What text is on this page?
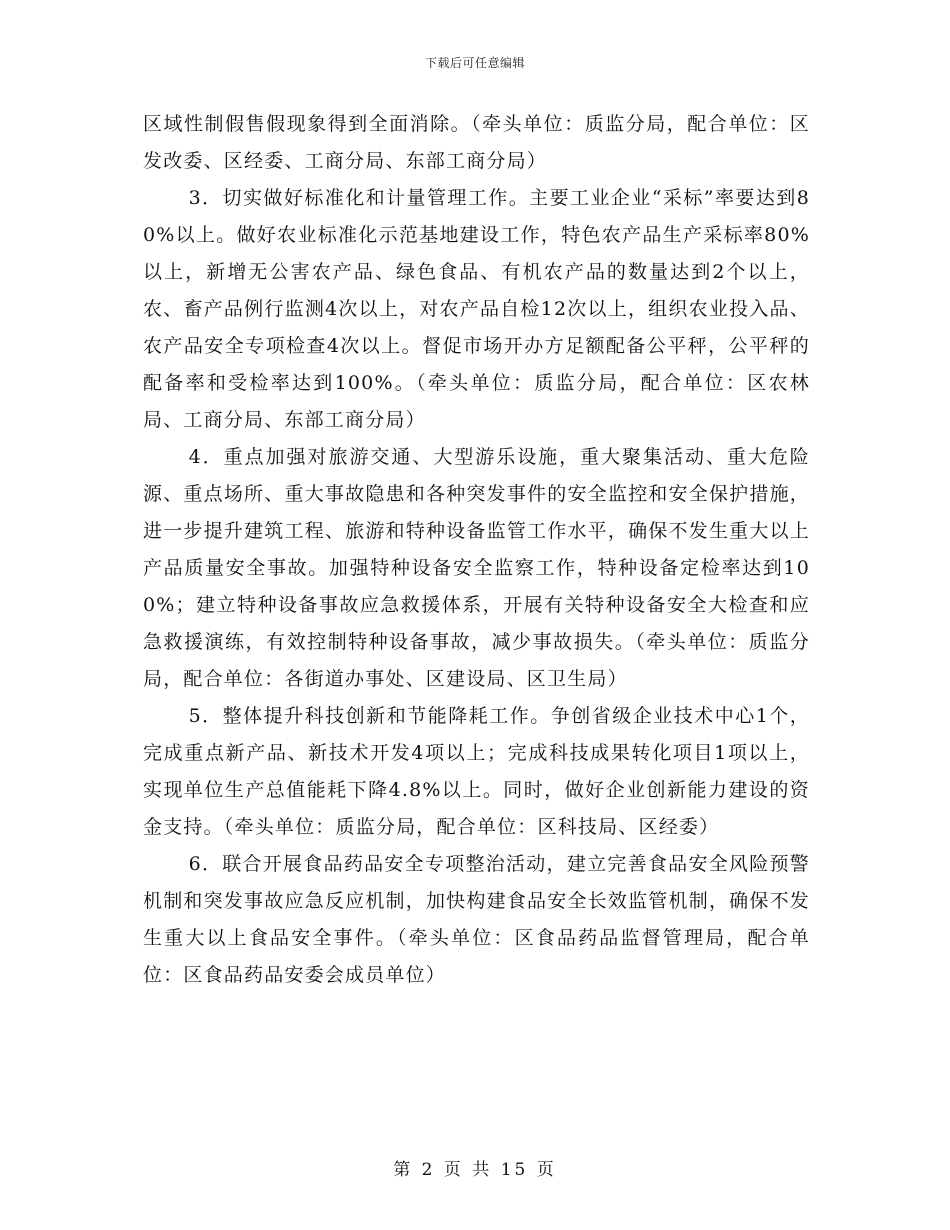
下载后可任意编辑

区域性制假售假现象得到全面消除。（牵头单位：质监分局，配合单位：区发改委、区经委、工商分局、东部工商分局）

3．切实做好标准化和计量管理工作。主要工业企业“采标”率要达到80%以上。做好农业标准化示范基地建设工作，特色农产品生产采标率80%以上，新增无公害农产品、绿色食品、有机农产品的数量达到2个以上，农、畜产品例行监测4次以上，对农产品自检12次以上，组织农业投入品、农产品安全专项检查4次以上。督促市场开办方足额配备公平秤，公平秤的配备率和受检率达到100%。（牵头单位：质监分局，配合单位：区农林局、工商分局、东部工商分局）

4．重点加强对旅游交通、大型游乐设施，重大聚集活动、重大危险源、重点场所、重大事故隐患和各种突发事件的安全监控和安全保护措施，进一步提升建筑工程、旅游和特种设备监管工作水平，确保不发生重大以上产品质量安全事故。加强特种设备安全监察工作，特种设备定检率达到100%；建立特种设备事故应急救援体系，开展有关特种设备安全大检查和应急救援演练，有效控制特种设备事故，减少事故损失。（牵头单位：质监分局，配合单位：各街道办事处、区建设局、区卫生局）

5．整体提升科技创新和节能降耗工作。争创省级企业技术中心1个，完成重点新产品、新技术开发4项以上；完成科技成果转化项目1项以上，实现单位生产总值能耗下降4.8%以上。同时，做好企业创新能力建设的资金支持。（牵头单位：质监分局，配合单位：区科技局、区经委）

6．联合开展食品药品安全专项整治活动，建立完善食品安全风险预警机制和突发事故应急反应机制，加快构建食品安全长效监管机制，确保不发生重大以上食品安全事件。（牵头单位：区食品药品监督管理局，配合单位：区食品药品安委会成员单位）

第 2 页 共 15 页
